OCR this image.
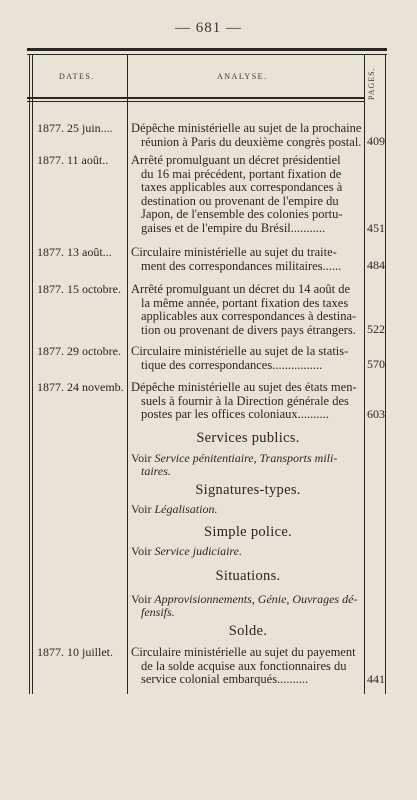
— 681 —
DATES.	ANALYSE.	PAGES.
1877. 25 juin....	Dépêche ministérielle au sujet de la prochaine
réunion à Paris du deuxième congrès postal. 409
1877. 11 août..	Arrêté promulguant un décret présidentiel
du 16 mai précédent, portant fixation de
taxes applicables aux correspondances à
destination ou provenant de l'empire du
Japon, de l'ensemble des colonies portu-
gaises et de l'empire du Brésil...........	451
1877. 13 août...	Circulaire ministérielle au sujet du traite-
ment des correspondances militaires......	484
1877. 15 octobre. Arrêté promulguant un décret du 14 août de
la même année, portant fixation des taxes
applicables aux correspondances à destina-
tion ou provenant de divers pays étrangers. 522
1877. 29 octobre. Circulaire ministérielle au sujet de la statis-
tique des correspondances................	570
1877. 24 novemb. Dépêche ministérielle au sujet des états men-
suels à fournir à la Direction générale des
postes par les offices coloniaux..........	603
Services publics.
Voir Service pénitentiaire, Transports mili-
taires.
Signatures-types.
Voir Légalisation.
Simple police.
Voir Service judiciaire.
Situations.
Voir Approvisionnements, Génie, Ouvrages dé-
fensifs.
Solde.
1877. 10 juillet.	Circulaire ministérielle au sujet du payement
de la solde acquise aux fonctionnaires du
service colonial embarqués..........	441
